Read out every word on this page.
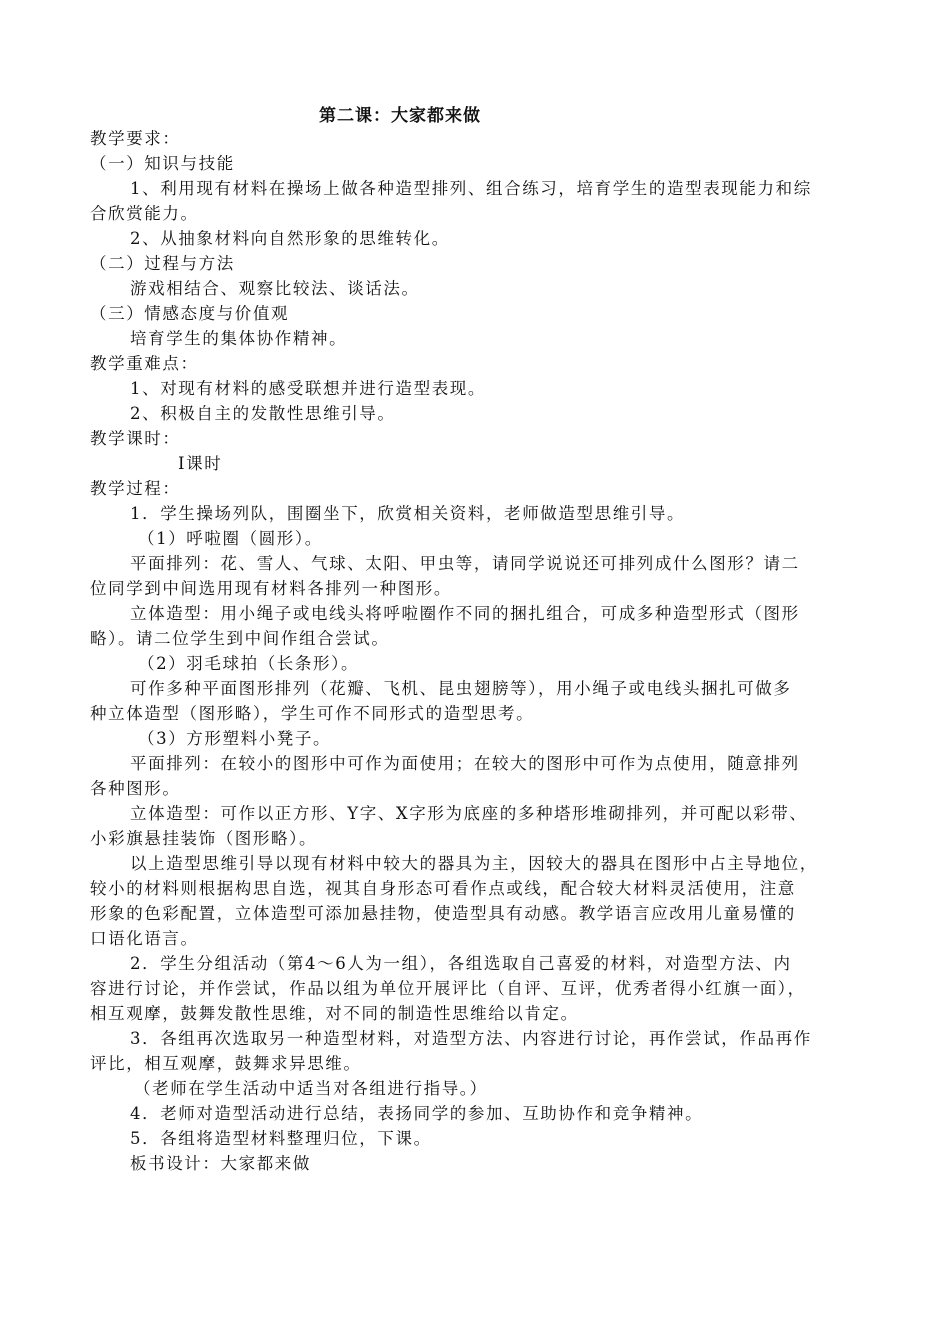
第二课：大家都来做
教学要求：
（一）知识与技能
1、利用现有材料在操场上做各种造型排列、组合练习，培育学生的造型表现能力和综
合欣赏能力。
2、从抽象材料向自然形象的思维转化。
（二）过程与方法
游戏相结合、观察比较法、谈话法。
（三）情感态度与价值观
培育学生的集体协作精神。
教学重难点：
1、对现有材料的感受联想并进行造型表现。
2、积极自主的发散性思维引导。
教学课时：
Ⅰ课时
教学过程：
1．学生操场列队，围圈坐下，欣赏相关资料，老师做造型思维引导。
（1）呼啦圈（圆形）。
平面排列：花、雪人、气球、太阳、甲虫等，请同学说说还可排列成什么图形？请二
位同学到中间选用现有材料各排列一种图形。
立体造型：用小绳子或电线头将呼啦圈作不同的捆扎组合，可成多种造型形式（图形
略）。请二位学生到中间作组合尝试。
（2）羽毛球拍（长条形）。
可作多种平面图形排列（花瓣、飞机、昆虫翅膀等），用小绳子或电线头捆扎可做多
种立体造型（图形略），学生可作不同形式的造型思考。
（3）方形塑料小凳子。
平面排列：在较小的图形中可作为面使用；在较大的图形中可作为点使用，随意排列
各种图形。
立体造型：可作以正方形、Y字、X字形为底座的多种塔形堆砌排列，并可配以彩带、
小彩旗悬挂装饰（图形略）。
以上造型思维引导以现有材料中较大的器具为主，因较大的器具在图形中占主导地位，
较小的材料则根据构思自选，视其自身形态可看作点或线，配合较大材料灵活使用，注意
形象的色彩配置，立体造型可添加悬挂物，使造型具有动感。教学语言应改用儿童易懂的
口语化语言。
2．学生分组活动（第4～6人为一组），各组选取自己喜爱的材料，对造型方法、内
容进行讨论，并作尝试，作品以组为单位开展评比（自评、互评，优秀者得小红旗一面），
相互观摩，鼓舞发散性思维，对不同的制造性思维给以肯定。
3．各组再次选取另一种造型材料，对造型方法、内容进行讨论，再作尝试，作品再作
评比，相互观摩，鼓舞求异思维。
（老师在学生活动中适当对各组进行指导。）
4．老师对造型活动进行总结，表扬同学的参加、互助协作和竞争精神。
5．各组将造型材料整理归位，下课。
板书设计：大家都来做
